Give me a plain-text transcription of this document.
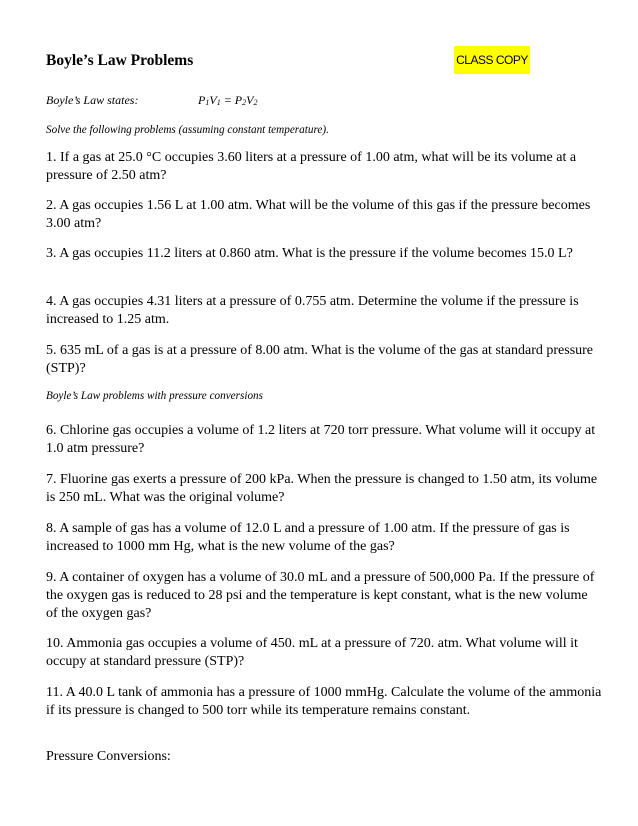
Boyle’s Law Problems	CLASS COPY
Boyle’s Law states:	P1V1 = P2V2
Solve the following problems (assuming constant temperature).
1. If a gas at 25.0 °C occupies 3.60 liters at a pressure of 1.00 atm, what will be its volume at a pressure of 2.50 atm?
2. A gas occupies 1.56 L at 1.00 atm. What will be the volume of this gas if the pressure becomes 3.00 atm?
3. A gas occupies 11.2 liters at 0.860 atm. What is the pressure if the volume becomes 15.0 L?
4. A gas occupies 4.31 liters at a pressure of 0.755 atm. Determine the volume if the pressure is increased to 1.25 atm.
5. 635 mL of a gas is at a pressure of 8.00 atm. What is the volume of the gas at standard pressure (STP)?
Boyle’s Law problems with pressure conversions
6. Chlorine gas occupies a volume of 1.2 liters at 720 torr pressure. What volume will it occupy at 1.0 atm pressure?
7. Fluorine gas exerts a pressure of 200 kPa. When the pressure is changed to 1.50 atm, its volume is 250 mL. What was the original volume?
8. A sample of gas has a volume of 12.0 L and a pressure of 1.00 atm. If the pressure of gas is increased to 1000 mm Hg, what is the new volume of the gas?
9. A container of oxygen has a volume of 30.0 mL and a pressure of 500,000 Pa. If the pressure of the oxygen gas is reduced to 28 psi and the temperature is kept constant, what is the new volume of the oxygen gas?
10. Ammonia gas occupies a volume of 450. mL at a pressure of 720. atm. What volume will it occupy at standard pressure (STP)?
11. A 40.0 L tank of ammonia has a pressure of 1000 mmHg. Calculate the volume of the ammonia if its pressure is changed to 500 torr while its temperature remains constant.
Pressure Conversions:
